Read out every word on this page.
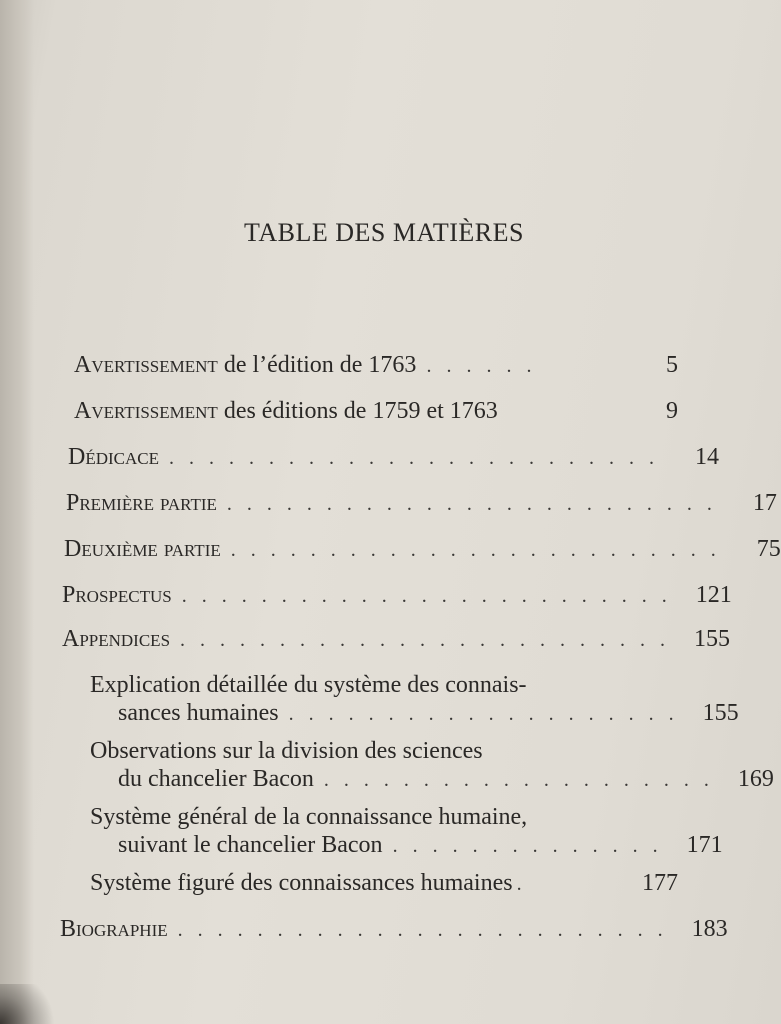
TABLE DES MATIÈRES
Avertissement de l’édition de 1763 . . . . . .	5
Avertissement des éditions de 1759 et 1763	9
Dédicace . . . . . . . . . . . . . . . . . . . . . . . . .	14
Première partie . . . . . . . . . . . . . . . . . . . . . . . . .	17
Deuxième partie . . . . . . . . . . . . . . . . . . . . . . . . .	75
Prospectus . . . . . . . . . . . . . . . . . . . . . . . . .	121
Appendices . . . . . . . . . . . . . . . . . . . . . . . . .	155
Explication détaillée du système des connais-
sances humaines . . . . . . . . . . . . . . . . . . . .	155
Observations sur la division des sciences
du chancelier Bacon . . . . . . . . . . . . . . . . . . . .	169
Système général de la connaissance humaine,
suivant le chancelier Bacon . . . . . . . . . . . . . .	171
Système figuré des connaissances humaines .	177
Biographie . . . . . . . . . . . . . . . . . . . . . . . . .	183
